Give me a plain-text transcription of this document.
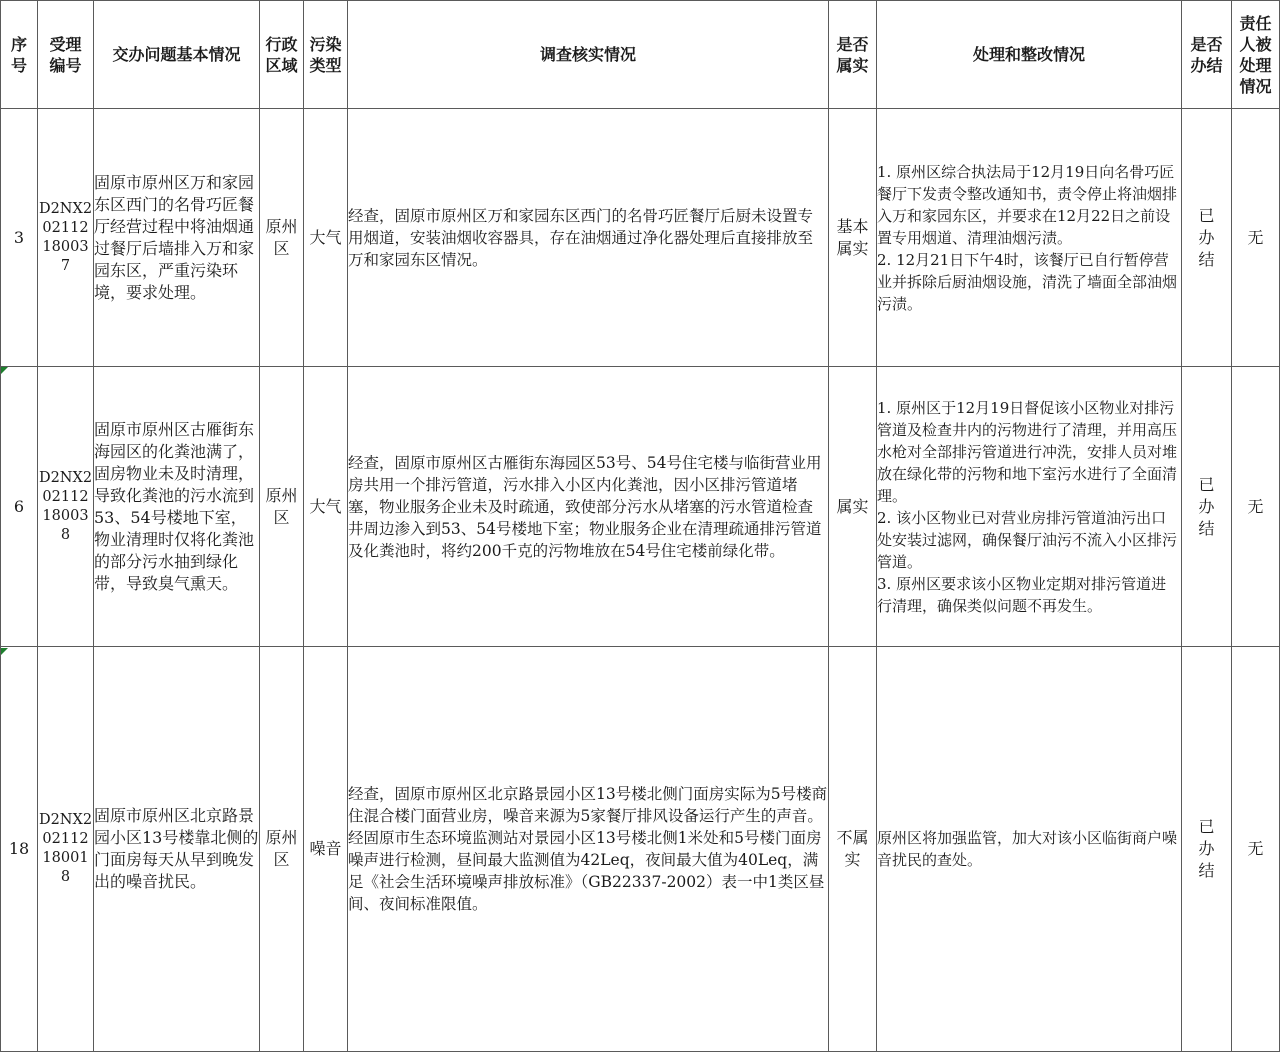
序号	受理编号	交办问题基本情况	行政区域	污染类型	调查核实情况	是否属实	处理和整改情况	是否办结	责任人被处理情况
3	D2NX202112180037	固原市原州区万和家园东区西门的名骨巧匠餐厅经营过程中将油烟通过餐厅后墙排入万和家园东区，严重污染环境，要求处理。	原州区	大气	经查，固原市原州区万和家园东区西门的名骨巧匠餐厅后厨未设置专用烟道，安装油烟收容器具，存在油烟通过净化器处理后直接排放至万和家园东区情况。	基本属实	1. 原州区综合执法局于12月19日向名骨巧匠餐厅下发责令整改通知书，责令停止将油烟排入万和家园东区，并要求在12月22日之前设置专用烟道、清理油烟污渍。
2. 12月21日下午4时，该餐厅已自行暂停营业并拆除后厨油烟设施，清洗了墙面全部油烟污渍。	已办结	无
6	D2NX202112180038	固原市原州区古雁街东海园区的化粪池满了，固房物业未及时清理，导致化粪池的污水流到53、54号楼地下室，物业清理时仅将化粪池的部分污水抽到绿化带，导致臭气熏天。	原州区	大气	经查，固原市原州区古雁街东海园区53号、54号住宅楼与临街营业用房共用一个排污管道，污水排入小区内化粪池，因小区排污管道堵塞，物业服务企业未及时疏通，致使部分污水从堵塞的污水管道检查井周边渗入到53、54号楼地下室；物业服务企业在清理疏通排污管道及化粪池时，将约200千克的污物堆放在54号住宅楼前绿化带。	属实	1. 原州区于12月19日督促该小区物业对排污管道及检查井内的污物进行了清理，并用高压水枪对全部排污管道进行冲洗，安排人员对堆放在绿化带的污物和地下室污水进行了全面清理。
2. 该小区物业已对营业房排污管道油污出口处安装过滤网，确保餐厅油污不流入小区排污管道。
3. 原州区要求该小区物业定期对排污管道进行清理，确保类似问题不再发生。	已办结	无
18	D2NX202112180018	固原市原州区北京路景园小区13号楼靠北侧的门面房每天从早到晚发出的噪音扰民。	原州区	噪音	经查，固原市原州区北京路景园小区13号楼北侧门面房实际为5号楼商住混合楼门面营业房，噪音来源为5家餐厅排风设备运行产生的声音。经固原市生态环境监测站对景园小区13号楼北侧1米处和5号楼门面房噪声进行检测，昼间最大监测值为42Leq，夜间最大值为40Leq，满足《社会生活环境噪声排放标准》（GB22337-2002）表一中1类区昼间、夜间标准限值。	不属实	原州区将加强监管，加大对该小区临街商户噪音扰民的查处。	已办结	无
